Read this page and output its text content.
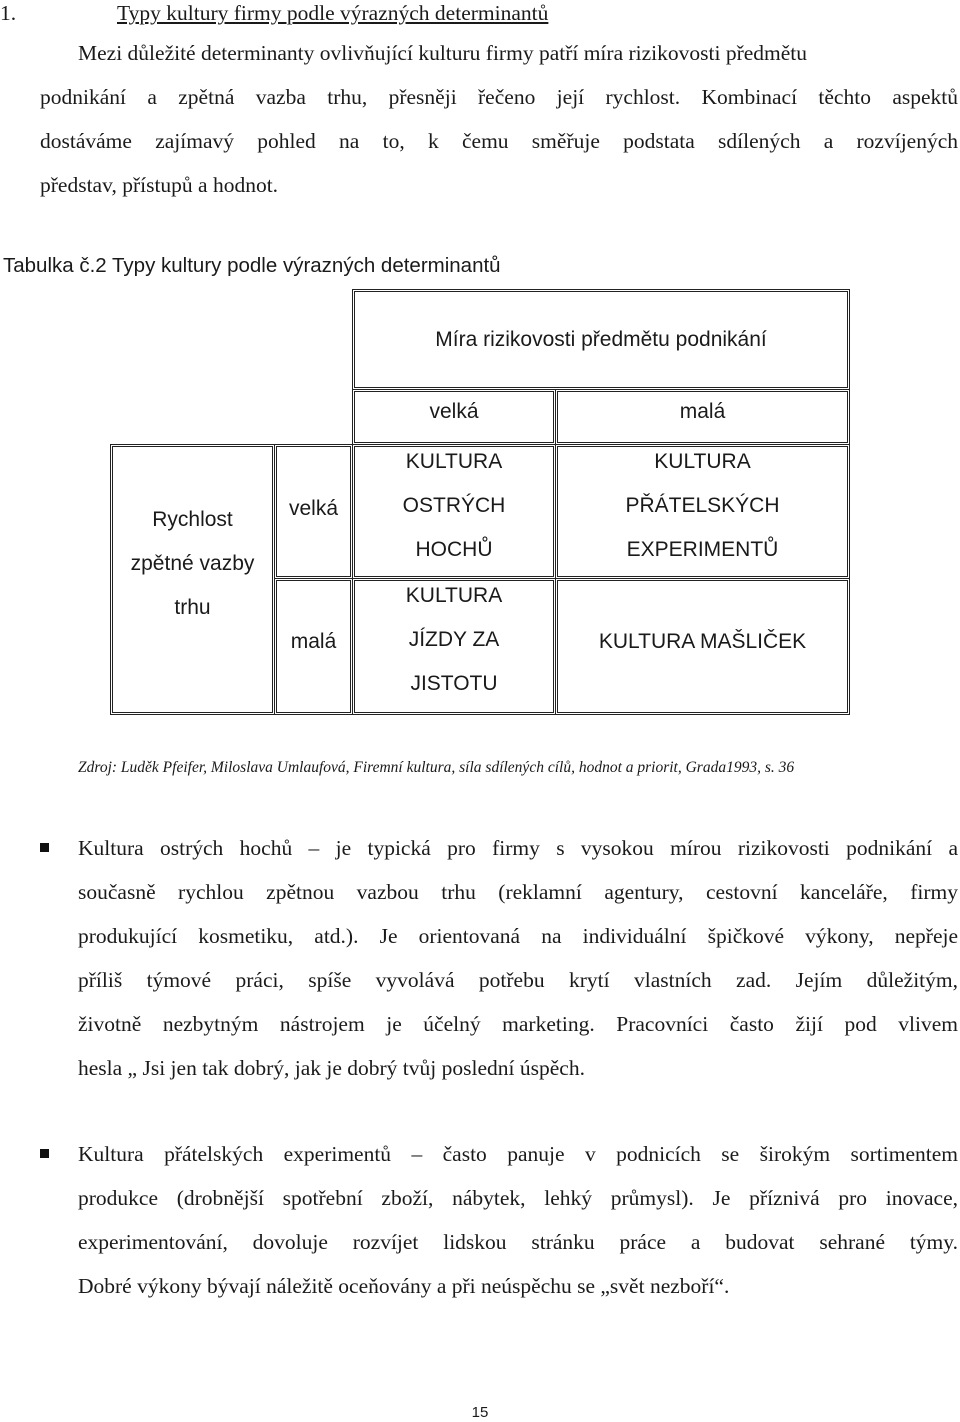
1.	Typy kultury firmy podle výrazných determinantů
Mezi důležité determinanty ovlivňující kulturu firmy patří míra rizikovosti předmětu
podnikání a zpětná vazba trhu, přesněji řečeno její rychlost. Kombinací těchto aspektů
dostáváme zajímavý pohled na to, k čemu směřuje podstata sdílených a rozvíjených
představ, přístupů a hodnot.
Tabulka č.2 Typy kultury podle výrazných determinantů
Míra rizikovosti předmětu podnikání
velká	malá
Rychlost
zpětné vazby
trhu
velká
malá
KULTURA
OSTRÝCH
HOCHŮ
KULTURA
PŘÁTELSKÝCH
EXPERIMENTŮ
KULTURA
JÍZDY ZA
JISTOTU
KULTURA MAŠLIČEK
Zdroj: Luděk Pfeifer, Miloslava Umlaufová, Firemní kultura, síla sdílených cílů, hodnot a priorit, Grada1993, s. 36
Kultura ostrých hochů – je typická pro firmy s vysokou mírou rizikovosti podnikání a
současně rychlou zpětnou vazbou trhu (reklamní agentury, cestovní kanceláře, firmy
produkující kosmetiku, atd.). Je orientovaná na individuální špičkové výkony, nepřeje
příliš týmové práci, spíše vyvolává potřebu krytí vlastních zad. Jejím důležitým,
životně nezbytným nástrojem je účelný marketing. Pracovníci často žijí pod vlivem
hesla „ Jsi jen tak dobrý, jak je dobrý tvůj poslední úspěch.
Kultura přátelských experimentů – často panuje v podnicích se širokým sortimentem
produkce (drobnější spotřební zboží, nábytek, lehký průmysl). Je příznivá pro inovace,
experimentování, dovoluje rozvíjet lidskou stránku práce a budovat sehrané týmy.
Dobré výkony bývají náležitě oceňovány a při neúspěchu se „svět nezboří“.
15
